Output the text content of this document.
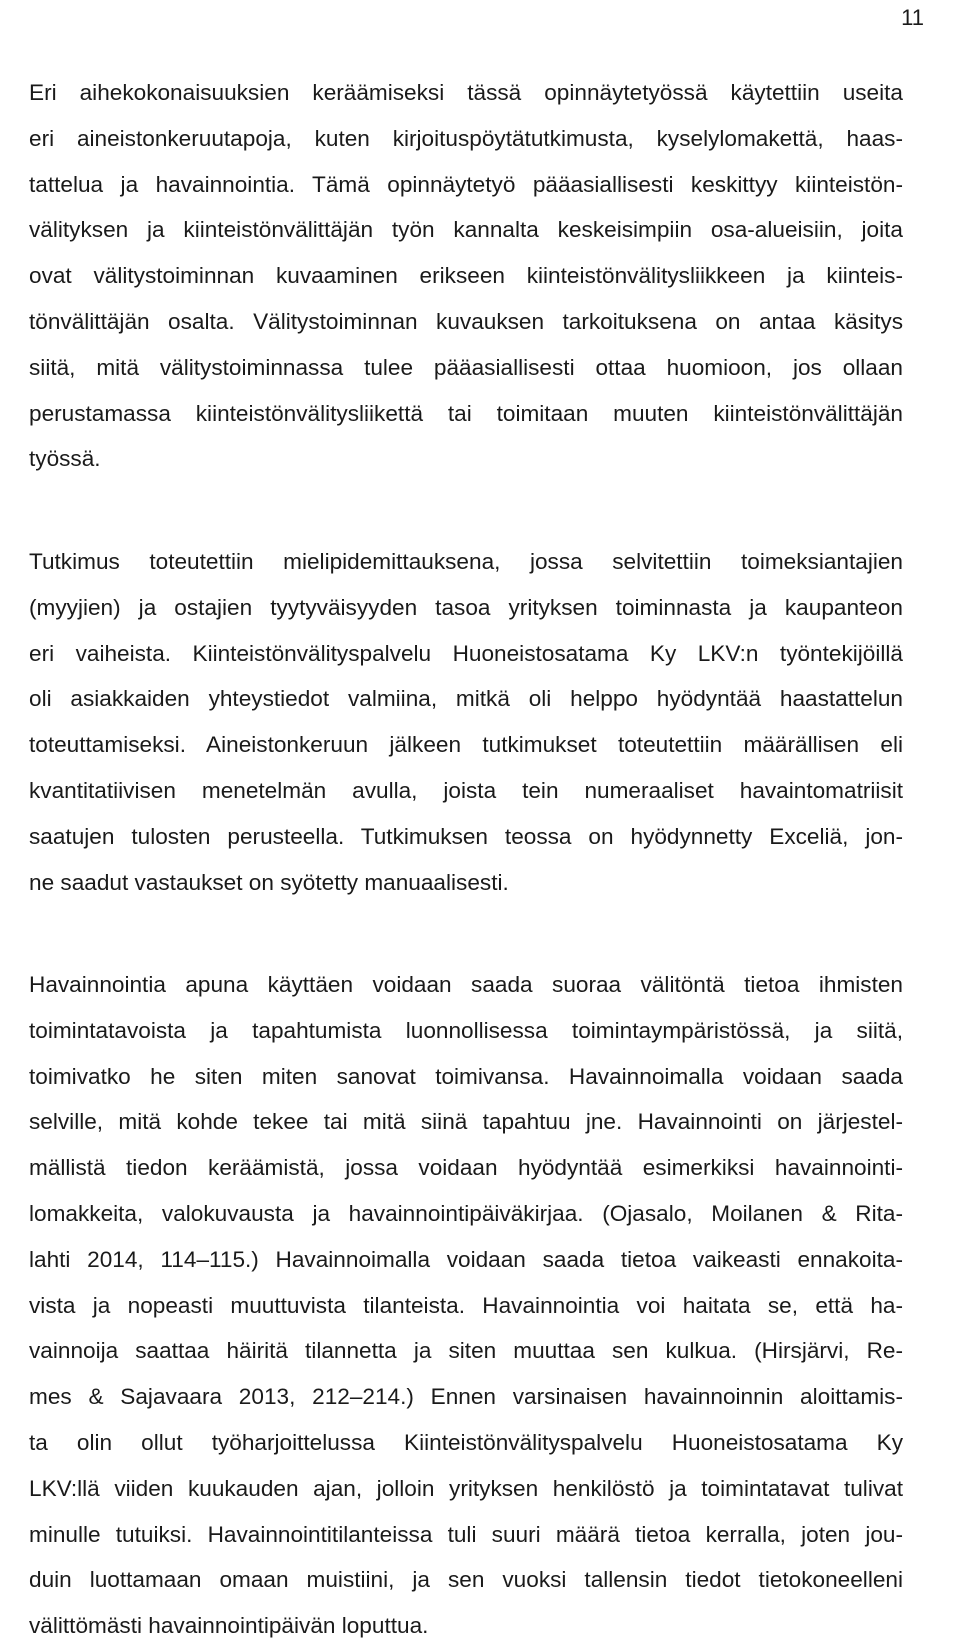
11
Eri aihekokonaisuuksien keräämiseksi tässä opinnäytetyössä käytettiin useita
eri aineistonkeruutapoja, kuten kirjoituspöytätutkimusta, kyselylomakettä, haas-
tattelua ja havainnointia. Tämä opinnäytetyö pääasiallisesti keskittyy kiinteistön-
välityksen ja kiinteistönvälittäjän työn kannalta keskeisimpiin osa-alueisiin, joita
ovat välitystoiminnan kuvaaminen erikseen kiinteistönvälitysliikkeen ja kiinteis-
tönvälittäjän osalta. Välitystoiminnan kuvauksen tarkoituksena on antaa käsitys
siitä, mitä välitystoiminnassa tulee pääasiallisesti ottaa huomioon, jos ollaan
perustamassa kiinteistönvälitysliikettä tai toimitaan muuten kiinteistönvälittäjän
työssä.
Tutkimus toteutettiin mielipidemittauksena, jossa selvitettiin toimeksiantajien
(myyjien) ja ostajien tyytyväisyyden tasoa yrityksen toiminnasta ja kaupanteon
eri vaiheista. Kiinteistönvälityspalvelu Huoneistosatama Ky LKV:n työntekijöillä
oli asiakkaiden yhteystiedot valmiina, mitkä oli helppo hyödyntää haastattelun
toteuttamiseksi. Aineistonkeruun jälkeen tutkimukset toteutettiin määrällisen eli
kvantitatiivisen menetelmän avulla, joista tein numeraaliset havaintomatriisit
saatujen tulosten perusteella. Tutkimuksen teossa on hyödynnetty Exceliä, jon-
ne saadut vastaukset on syötetty manuaalisesti.
Havainnointia apuna käyttäen voidaan saada suoraa välitöntä tietoa ihmisten
toimintatavoista ja tapahtumista luonnollisessa toimintaympäristössä, ja siitä,
toimivatko he siten miten sanovat toimivansa. Havainnoimalla voidaan saada
selville, mitä kohde tekee tai mitä siinä tapahtuu jne. Havainnointi on järjestel-
mällistä tiedon keräämistä, jossa voidaan hyödyntää esimerkiksi havainnointi-
lomakkeita, valokuvausta ja havainnointipäiväkirjaa. (Ojasalo, Moilanen & Rita-
lahti 2014, 114–115.) Havainnoimalla voidaan saada tietoa vaikeasti ennakoita-
vista ja nopeasti muuttuvista tilanteista. Havainnointia voi haitata se, että ha-
vainnoija saattaa häiritä tilannetta ja siten muuttaa sen kulkua. (Hirsjärvi, Re-
mes & Sajavaara 2013, 212–214.) Ennen varsinaisen havainnoinnin aloittamis-
ta olin ollut työharjoittelussa Kiinteistönvälityspalvelu Huoneistosatama Ky
LKV:llä viiden kuukauden ajan, jolloin yrityksen henkilöstö ja toimintatavat tulivat
minulle tutuiksi. Havainnointitilanteissa tuli suuri määrä tietoa kerralla, joten jou-
duin luottamaan omaan muistiini, ja sen vuoksi tallensin tiedot tietokoneelleni
välittömästi havainnointipäivän loputtua.
